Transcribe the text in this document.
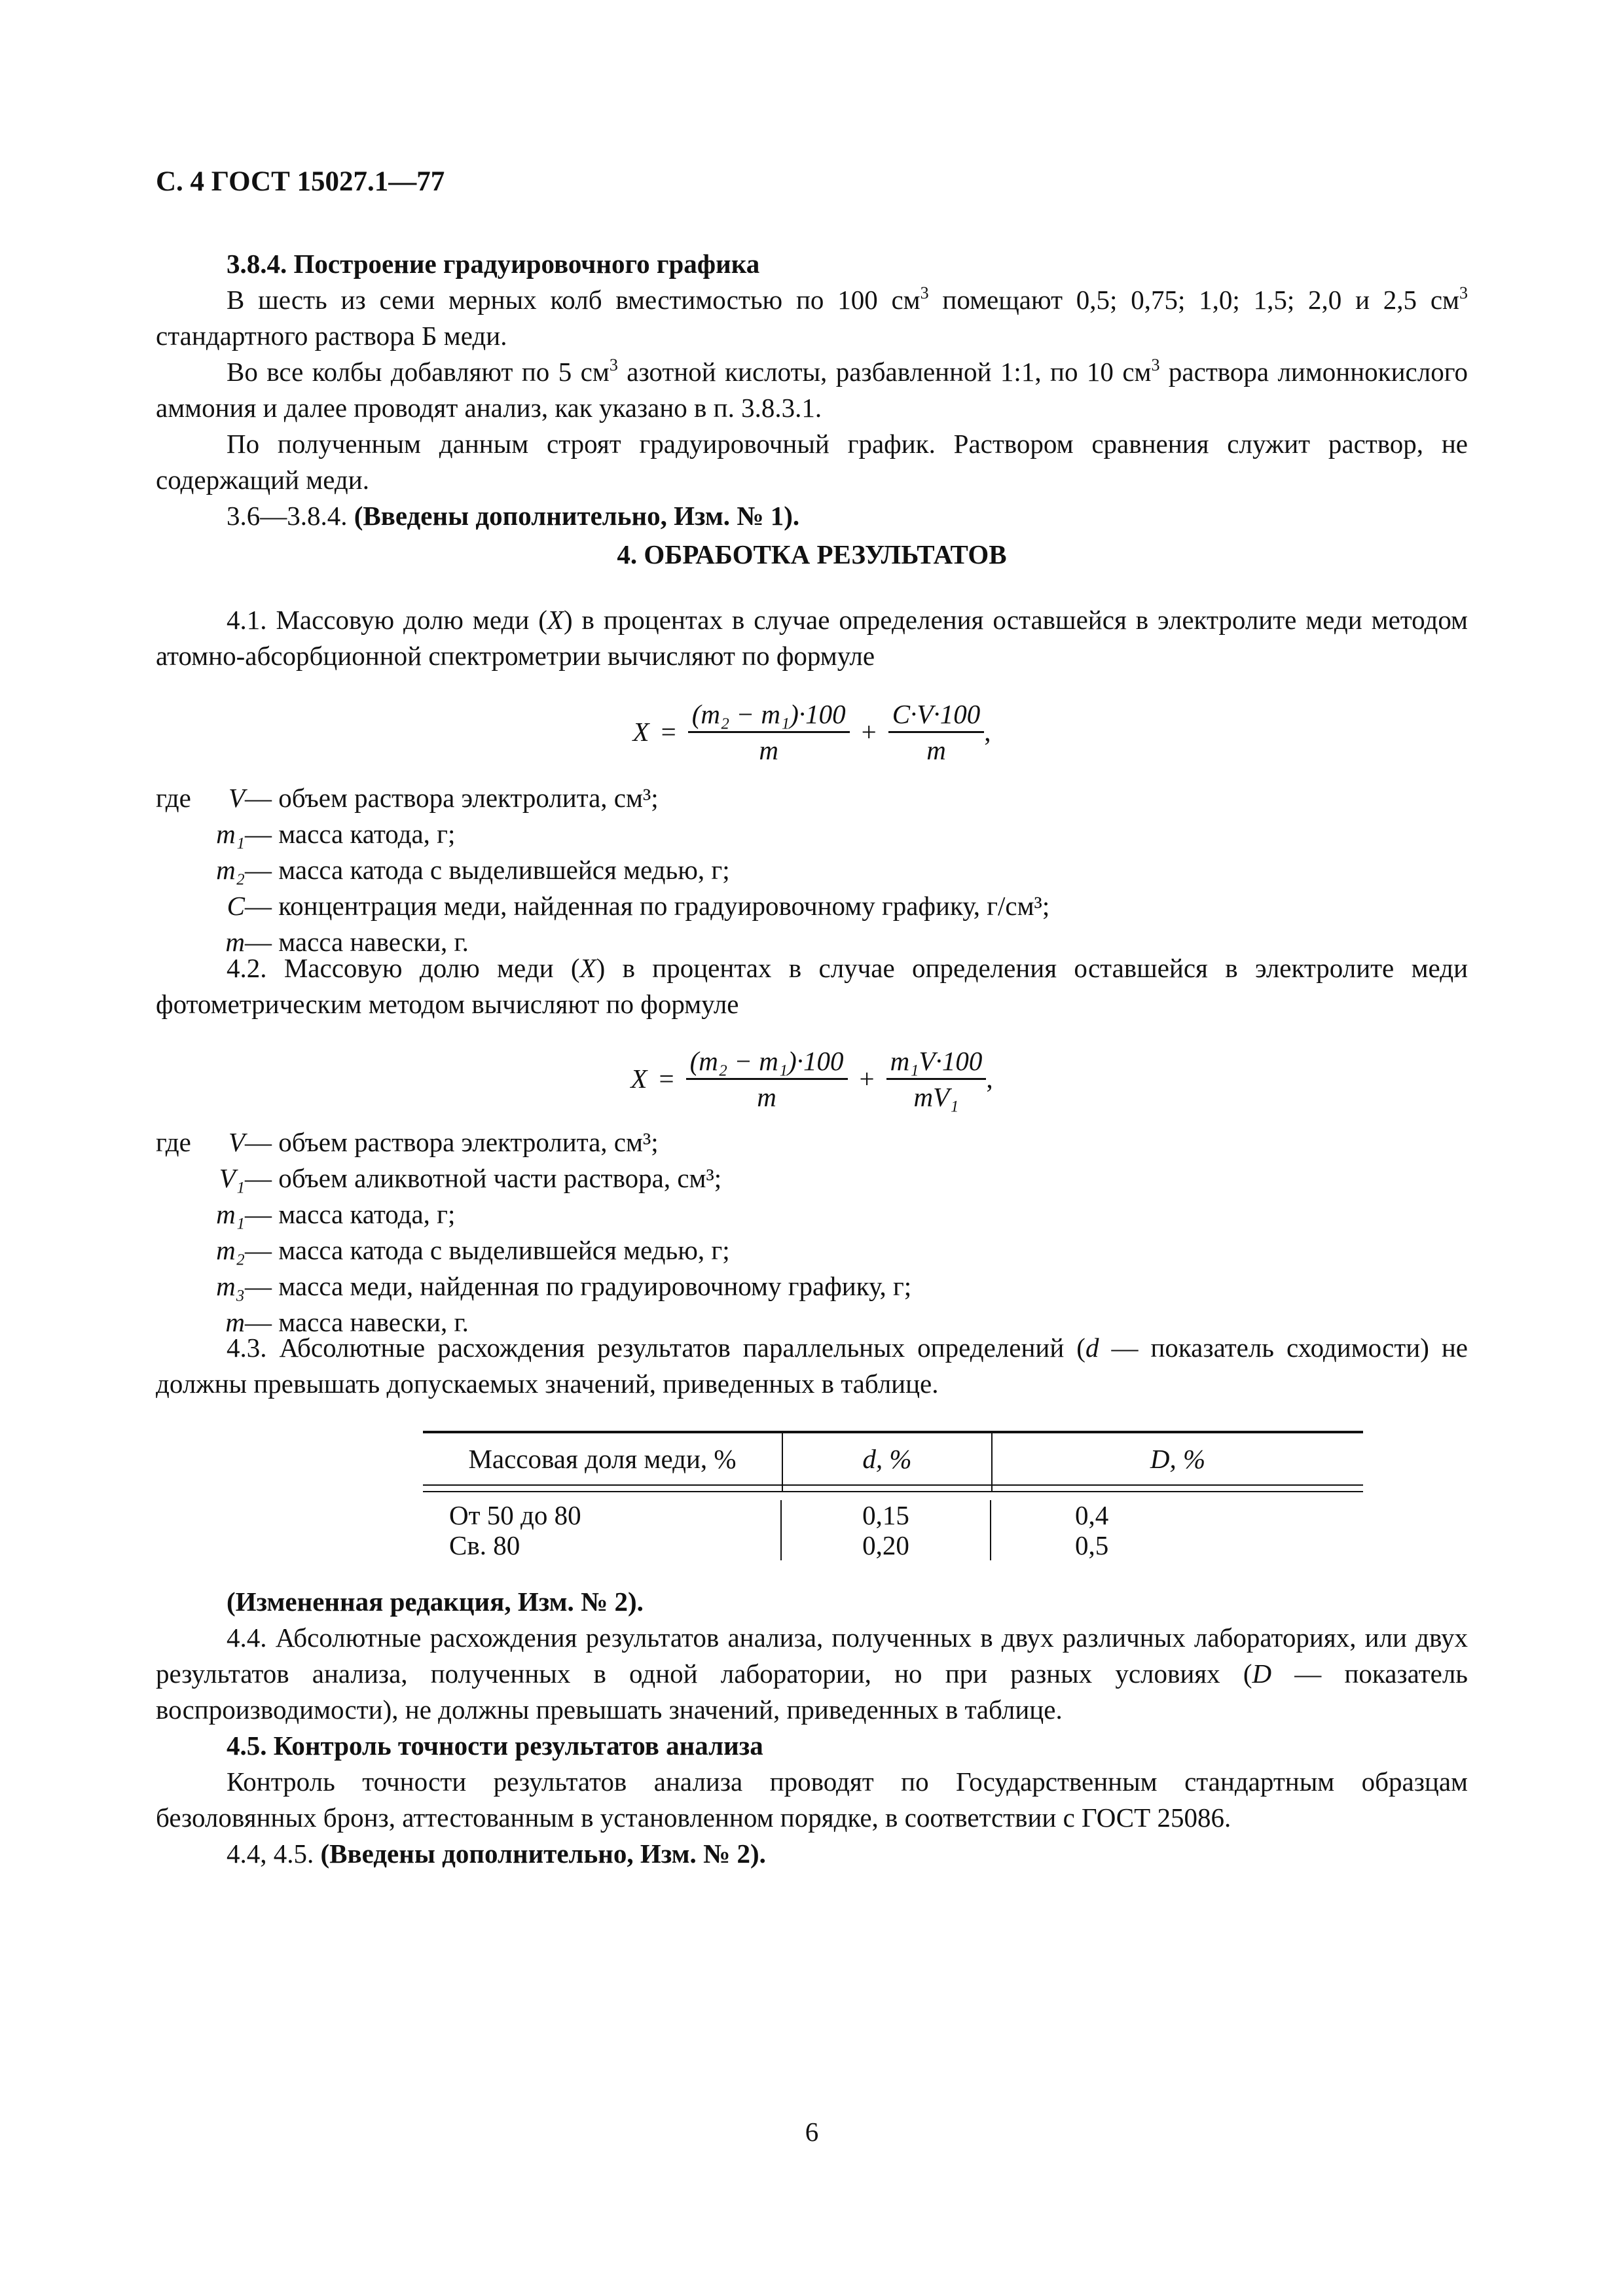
С. 4 ГОСТ 15027.1—77

3.8.4. Построение градуировочного графика

В шесть из семи мерных колб вместимостью по 100 $см^3$ помещают 0,5; 0,75; 1,0; 1,5; 2,0 и 2,5 $см^3$ стандартного раствора Б меди.

Во все колбы добавляют по 5 $см^3$ азотной кислоты, разбавленной 1:1, по 10 $см^3$ раствора лимоннокислого аммония и далее проводят анализ, как указано в п. 3.8.3.1.

По полученным данным строят градуировочный график. Раствором сравнения служит раствор, не содержащий меди.

3.6—3.8.4. (Введены дополнительно, Изм. № 1).

4. ОБРАБОТКА РЕЗУЛЬТАТОВ

4.1. Массовую долю меди (X) в процентах в случае определения оставшейся в электролите меди методом атомно-абсорбционной спектрометрии вычисляют по формуле

$X = \frac{\text{(m₂ − m₁)·100}}{m} + \frac{C\cdot V\cdot 100}{m}$ ,
где	V — объем раствора электролита, см³;
m₁ — масса катода, г;
m₂ — масса катода с выделившейся медью, г;
C — концентрация меди, найденная по градуировочному графику, г/см³;
m — масса навески, г.

4.2. Массовую долю меди (X) в процентах в случае определения оставшейся в электролите меди фотометрическим методом вычисляют по формуле

$X = \frac{\text{(m₂ − m₁)·100}}{m} + \frac{\text{m₁V·100}}{\text{mV₁}}$ ,
где	V — объем раствора электролита, см³;
V₁ — объем аликвотной части раствора, см³;
m₁ — масса катода, г;
m₂ — масса катода с выделившейся медью, г;
m₃ — масса меди, найденная по градуировочному графику, г;
m — масса навески, г.

4.3. Абсолютные расхождения результатов параллельных определений (d — показатель сходимости) не должны превышать допускаемых значений, приведенных в таблице.

Массовая доля меди, %	d, %	D, %
От 50 до 80	0,15	0,4
Св. 80	0,20	0,5

(Измененная редакция, Изм. № 2).

4.4. Абсолютные расхождения результатов анализа, полученных в двух различных лабораториях, или двух результатов анализа, полученных в одной лаборатории, но при разных условиях (D — показатель воспроизводимости), не должны превышать значений, приведенных в таблице.

4.5. Контроль точности результатов анализа

Контроль точности результатов анализа проводят по Государственным стандартным образцам безоловянных бронз, аттестованным в установленном порядке, в соответствии с ГОСТ 25086.

4.4, 4.5. (Введены дополнительно, Изм. № 2).

6
